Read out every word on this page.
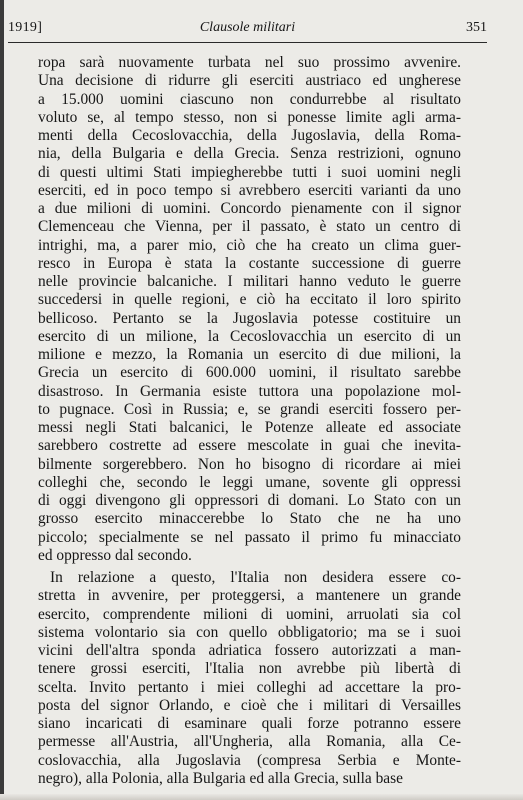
1919]	Clausole militari	351
ropa sarà nuovamente turbata nel suo prossimo avvenire.
Una decisione di ridurre gli eserciti austriaco ed ungherese
a 15.000 uomini ciascuno non condurrebbe al risultato
voluto se, al tempo stesso, non si ponesse limite agli arma-
menti della Cecoslovacchia, della Jugoslavia, della Roma-
nia, della Bulgaria e della Grecia. Senza restrizioni, ognuno
di questi ultimi Stati impiegherebbe tutti i suoi uomini negli
eserciti, ed in poco tempo si avrebbero eserciti varianti da uno
a due milioni di uomini. Concordo pienamente con il signor
Clemenceau che Vienna, per il passato, è stato un centro di
intrighi, ma, a parer mio, ciò che ha creato un clima guer-
resco in Europa è stata la costante successione di guerre
nelle provincie balcaniche. I militari hanno veduto le guerre
succedersi in quelle regioni, e ciò ha eccitato il loro spirito
bellicoso. Pertanto se la Jugoslavia potesse costituire un
esercito di un milione, la Cecoslovacchia un esercito di un
milione e mezzo, la Romania un esercito di due milioni, la
Grecia un esercito di 600.000 uomini, il risultato sarebbe
disastroso. In Germania esiste tuttora una popolazione mol-
to pugnace. Così in Russia; e, se grandi eserciti fossero per-
messi negli Stati balcanici, le Potenze alleate ed associate
sarebbero costrette ad essere mescolate in guai che inevita-
bilmente sorgerebbero. Non ho bisogno di ricordare ai miei
colleghi che, secondo le leggi umane, sovente gli oppressi
di oggi divengono gli oppressori di domani. Lo Stato con un
grosso esercito minaccerebbe lo Stato che ne ha uno
piccolo; specialmente se nel passato il primo fu minacciato
ed oppresso dal secondo.
In relazione a questo, l'Italia non desidera essere co-
stretta in avvenire, per proteggersi, a mantenere un grande
esercito, comprendente milioni di uomini, arruolati sia col
sistema volontario sia con quello obbligatorio; ma se i suoi
vicini dell'altra sponda adriatica fossero autorizzati a man-
tenere grossi eserciti, l'Italia non avrebbe più libertà di
scelta. Invito pertanto i miei colleghi ad accettare la pro-
posta del signor Orlando, e cioè che i militari di Versailles
siano incaricati di esaminare quali forze potranno essere
permesse all'Austria, all'Ungheria, alla Romania, alla Ce-
coslovacchia, alla Jugoslavia (compresa Serbia e Monte-
negro), alla Polonia, alla Bulgaria ed alla Grecia, sulla base
